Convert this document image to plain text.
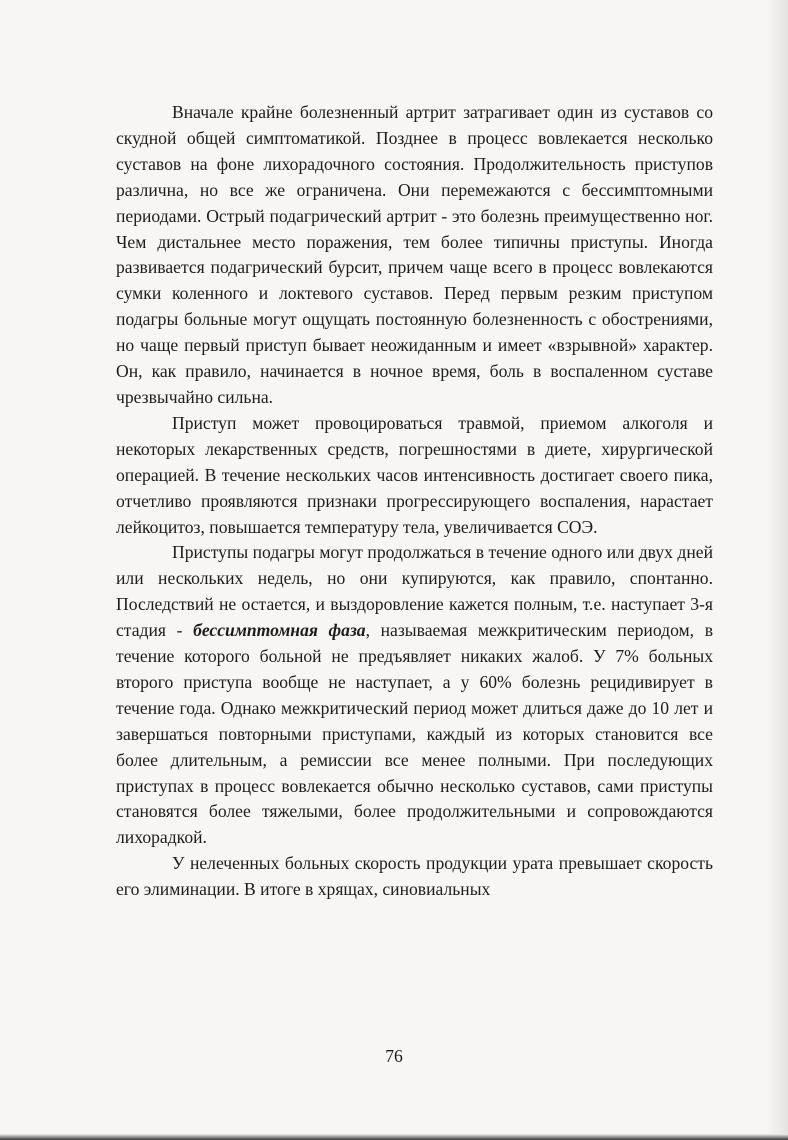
Вначале крайне болезненный артрит затрагивает один из суставов со скудной общей симптоматикой. Позднее в процесс вовлекается несколько суставов на фоне лихорадочного состояния. Продолжительность приступов различна, но все же ограничена. Они перемежаются с бессимптомными периодами. Острый подагрический артрит - это болезнь преимущественно ног. Чем дистальнее место поражения, тем более типичны приступы. Иногда развивается подагрический бурсит, причем чаще всего в процесс вовлекаются сумки коленного и локтевого суставов. Перед первым резким приступом подагры больные могут ощущать постоянную болезненность с обострениями, но чаще первый приступ бывает неожиданным и имеет «взрывной» характер. Он, как правило, начинается в ночное время, боль в воспаленном суставе чрезвычайно сильна.

Приступ может провоцироваться травмой, приемом алкоголя и некоторых лекарственных средств, погрешностями в диете, хирургической операцией. В течение нескольких часов интенсивность достигает своего пика, отчетливо проявляются признаки прогрессирующего воспаления, нарастает лейкоцитоз, повышается температуру тела, увеличивается СОЭ.

Приступы подагры могут продолжаться в течение одного или двух дней или нескольких недель, но они купируются, как правило, спонтанно. Последствий не остается, и выздоровление кажется полным, т.е. наступает 3-я стадия - бессимптомная фаза, называемая межкритическим периодом, в течение которого больной не предъявляет никаких жалоб. У 7% больных второго приступа вообще не наступает, а у 60% болезнь рецидивирует в течение года. Однако межкритический период может длиться даже до 10 лет и завершаться повторными приступами, каждый из которых становится все более длительным, а ремиссии все менее полными. При последующих приступах в процесс вовлекается обычно несколько суставов, сами приступы становятся более тяжелыми, более продолжительными и сопровождаются лихорадкой.

У нелеченных больных скорость продукции урата превышает скорость его элиминации. В итоге в хрящах, синовиальных

76
